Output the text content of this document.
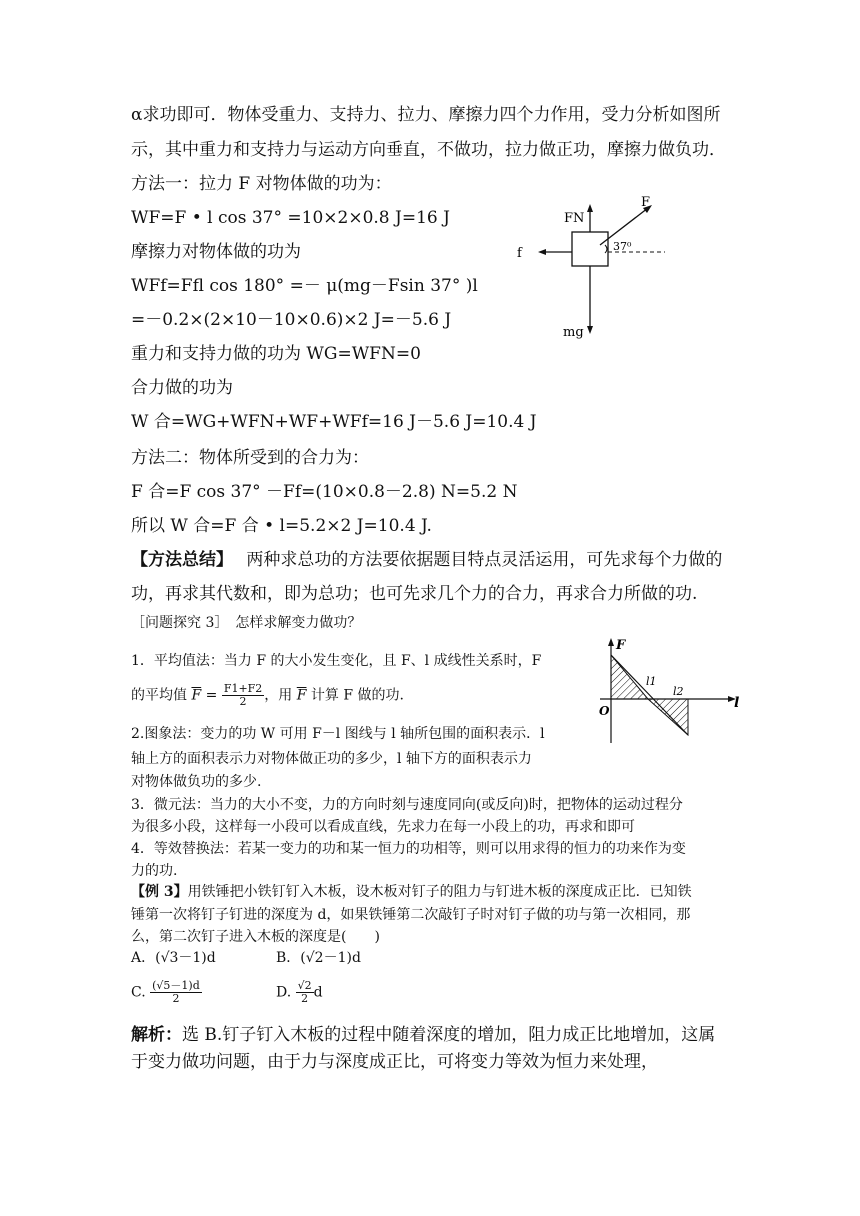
α求功即可．物体受重力、支持力、拉力、摩擦力四个力作用，受力分析如图所
示，其中重力和支持力与运动方向垂直，不做功，拉力做正功，摩擦力做负功．
方法一：拉力 F 对物体做的功为：
WF=F • l cos 37° =10×2×0.8 J=16 J
摩擦力对物体做的功为
WFf=Ffl cos 180° =－ μ(mg－Fsin 37° )l
=－0.2×(2×10－10×0.6)×2 J=－5.6 J
重力和支持力做的功为 WG=WFN=0
合力做的功为
W 合=WG+WFN+WF+WFf=16 J－5.6 J=10.4 J
方法二：物体所受到的合力为：
F 合=F cos 37° －Ff=(10×0.8－2.8) N=5.2 N
所以 W 合=F 合 • l=5.2×2 J=10.4 J.
F
FN
f
mg
37⁰
【方法总结】 两种求总功的方法要依据题目特点灵活运用，可先求每个力做的
功，再求其代数和，即为总功；也可先求几个力的合力，再求合力所做的功.
［问题探究 3］　怎样求解变力做功？
1．平均值法：当力 F 的大小发生变化，且 F、l 成线性关系时，F
的平均值 $\overline{F} = \frac{F1+F2}{2}$ ，用 $\overline{F}$ 计算 F 做的功.
2.图象法：变力的功 W 可用 F－l 图线与 l 轴所包围的面积表示．l
轴上方的面积表示力对物体做正功的多少，l 轴下方的面积表示力
对物体做负功的多少.
3．微元法：当力的大小不变，力的方向时刻与速度同向(或反向)时，把物体的运动过程分
为很多小段，这样每一小段可以看成直线，先求力在每一小段上的功，再求和即可
4．等效替换法：若某一变力的功和某一恒力的功相等，则可以用求得的恒力的功来作为变
力的功.
F
O	l
l1
l2
【例 3】用铁锤把小铁钉钉入木板，设木板对钉子的阻力与钉进木板的深度成正比．已知铁
锤第一次将钉子钉进的深度为 d，如果铁锤第二次敲钉子时对钉子做的功与第一次相同，那
么，第二次钉子进入木板的深度是(　　)
A．(√3－1)d	B．(√2－1)d
C. $\frac{(√5-1)d}{2}$	D. $\frac{√2}{2}$ d
解析：选 B.钉子钉入木板的过程中随着深度的增加，阻力成正比地增加，这属
于变力做功问题，由于力与深度成正比，可将变力等效为恒力来处理，
